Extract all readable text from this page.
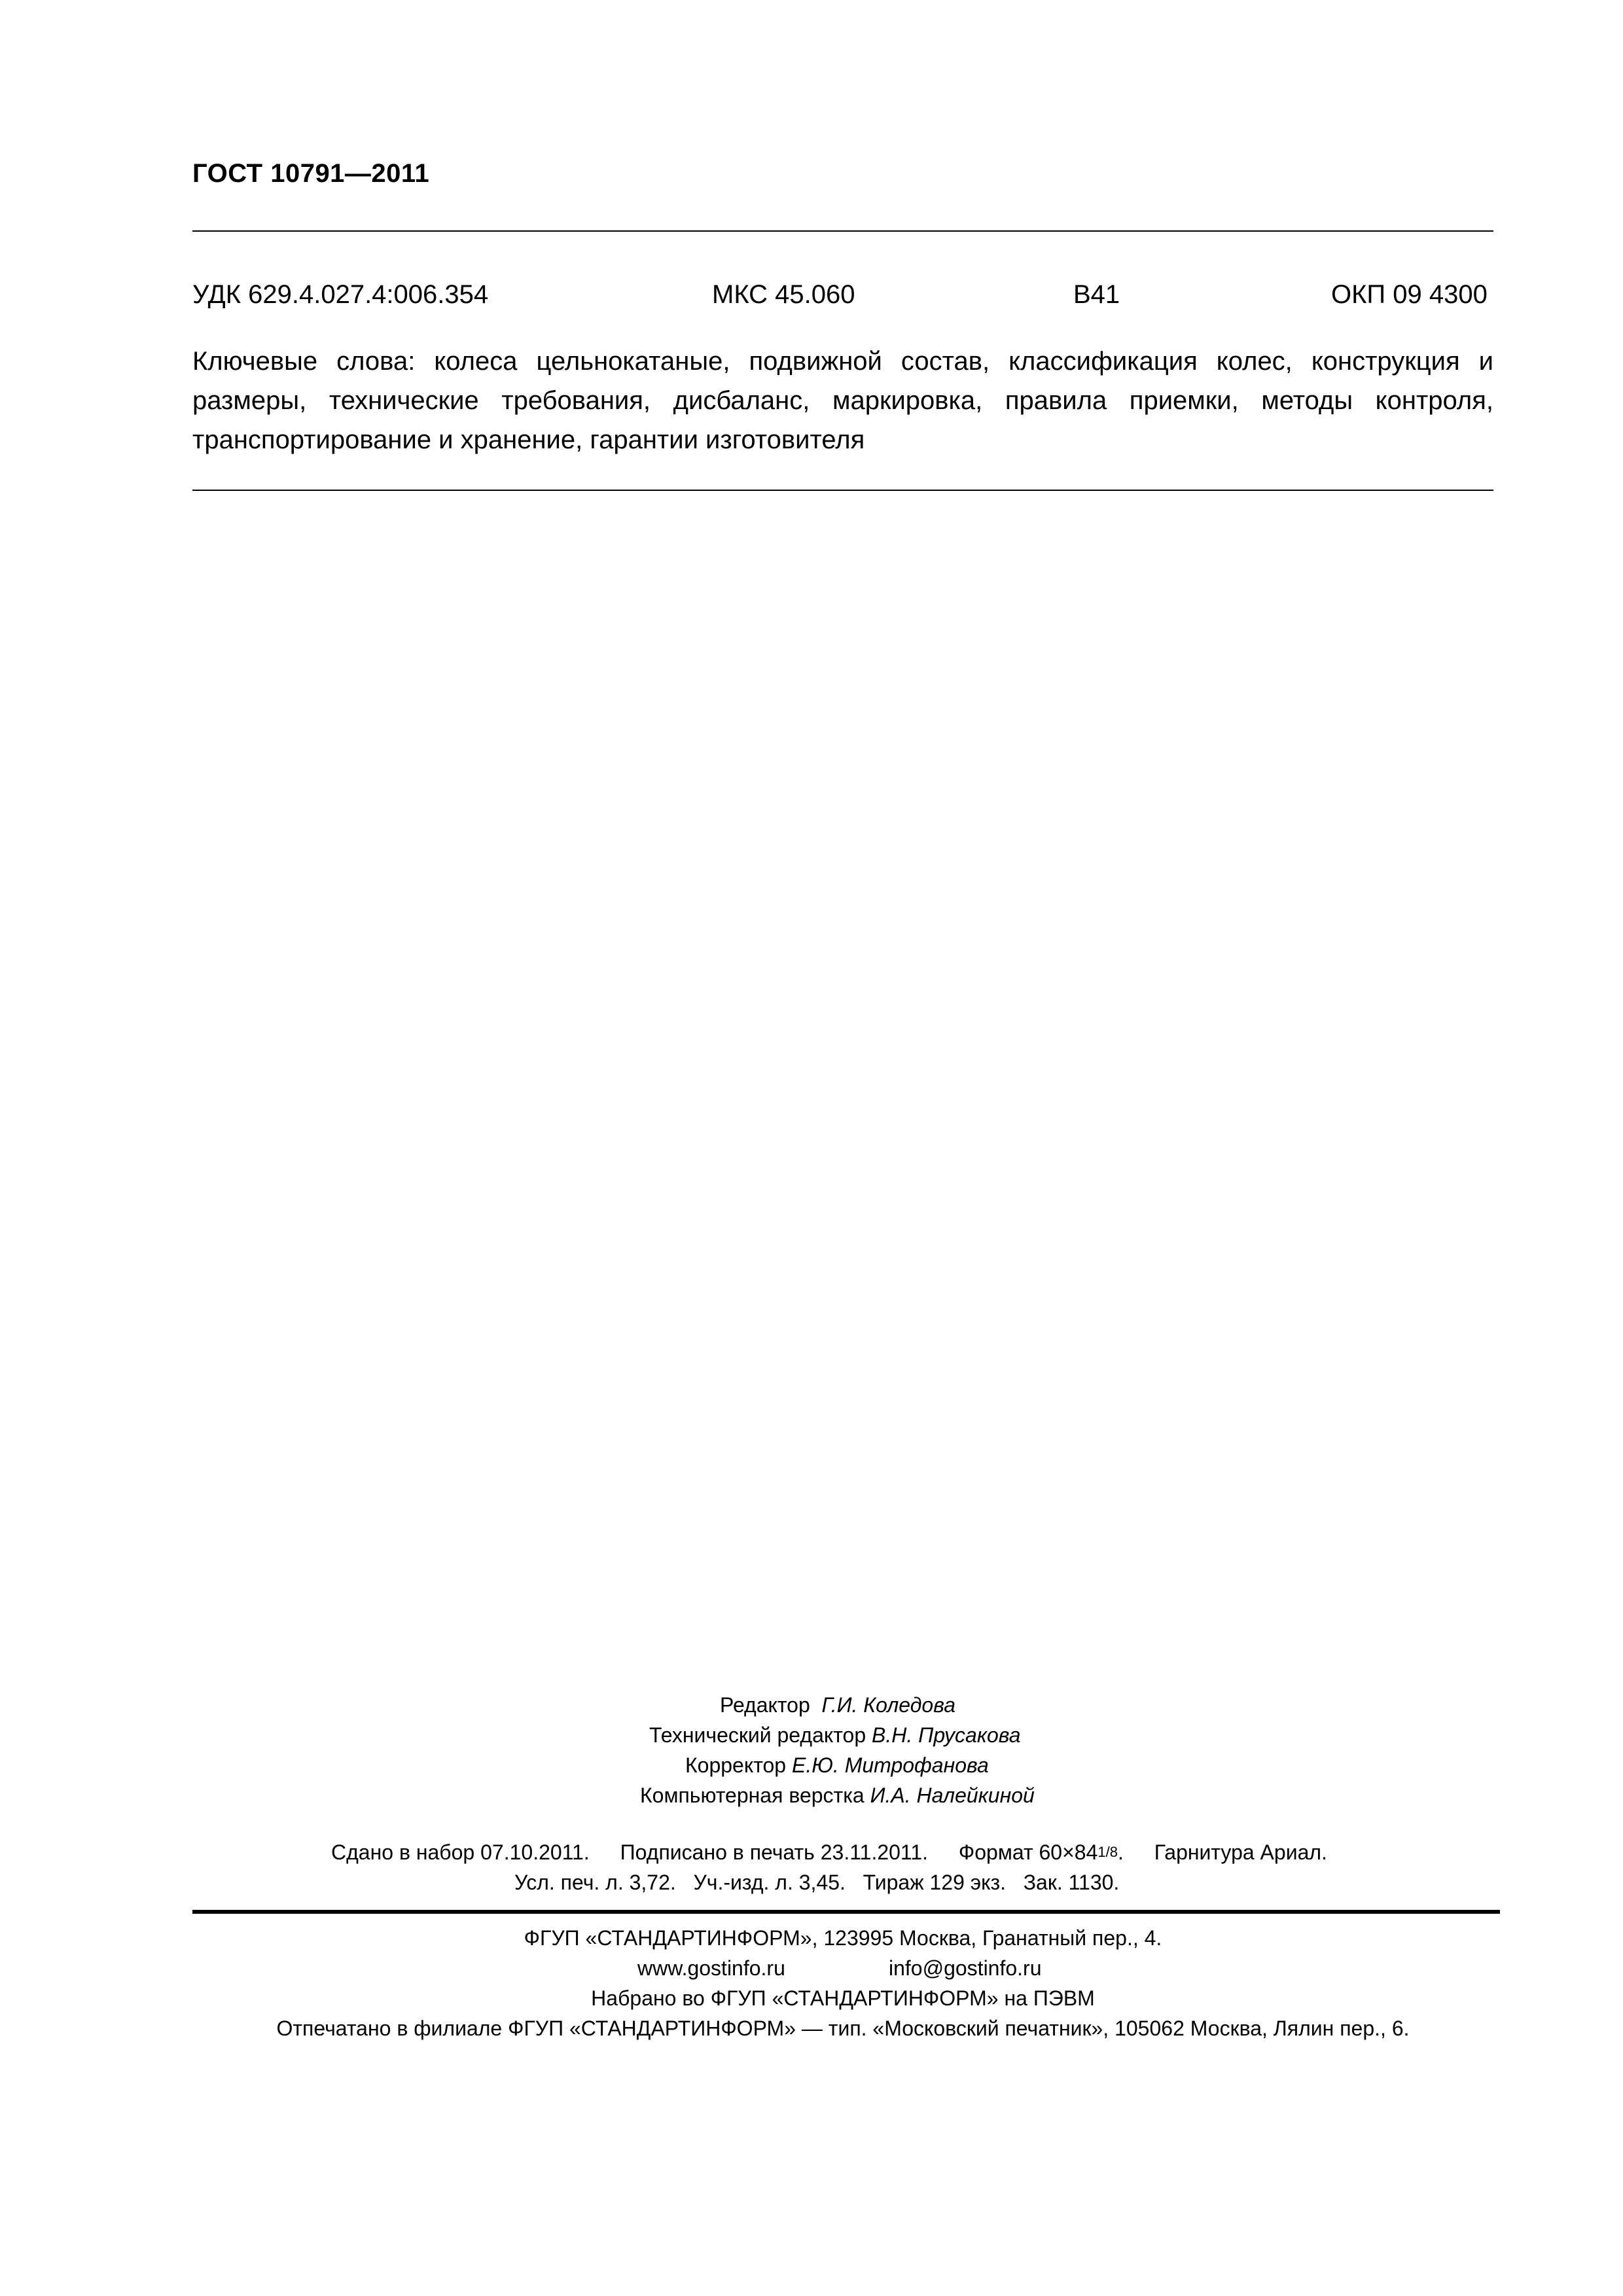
ГОСТ 10791—2011
УДК 629.4.027.4:006.354	МКС 45.060	В41	ОКП 09 4300
Ключевые слова: колеса цельнокатаные, подвижной состав, классификация колес, конструкция и размеры, технические требования, дисбаланс, маркировка, правила приемки, методы контроля, транспортирование и хранение, гарантии изготовителя
Редактор Г.И. Коледова
Технический редактор В.Н. Прусакова
Корректор Е.Ю. Митрофанова
Компьютерная верстка И.А. Налейкиной
Сдано в набор 07.10.2011. Подписано в печать 23.11.2011. Формат 60×841/8. Гарнитура Ариал.
Усл. печ. л. 3,72. Уч.-изд. л. 3,45. Тираж 129 экз. Зак. 1130.
ФГУП «СТАНДАРТИНФОРМ», 123995 Москва, Гранатный пер., 4.
www.gostinfo.ru	info@gostinfo.ru
Набрано во ФГУП «СТАНДАРТИНФОРМ» на ПЭВМ
Отпечатано в филиале ФГУП «СТАНДАРТИНФОРМ» — тип. «Московский печатник», 105062 Москва, Лялин пер., 6.
